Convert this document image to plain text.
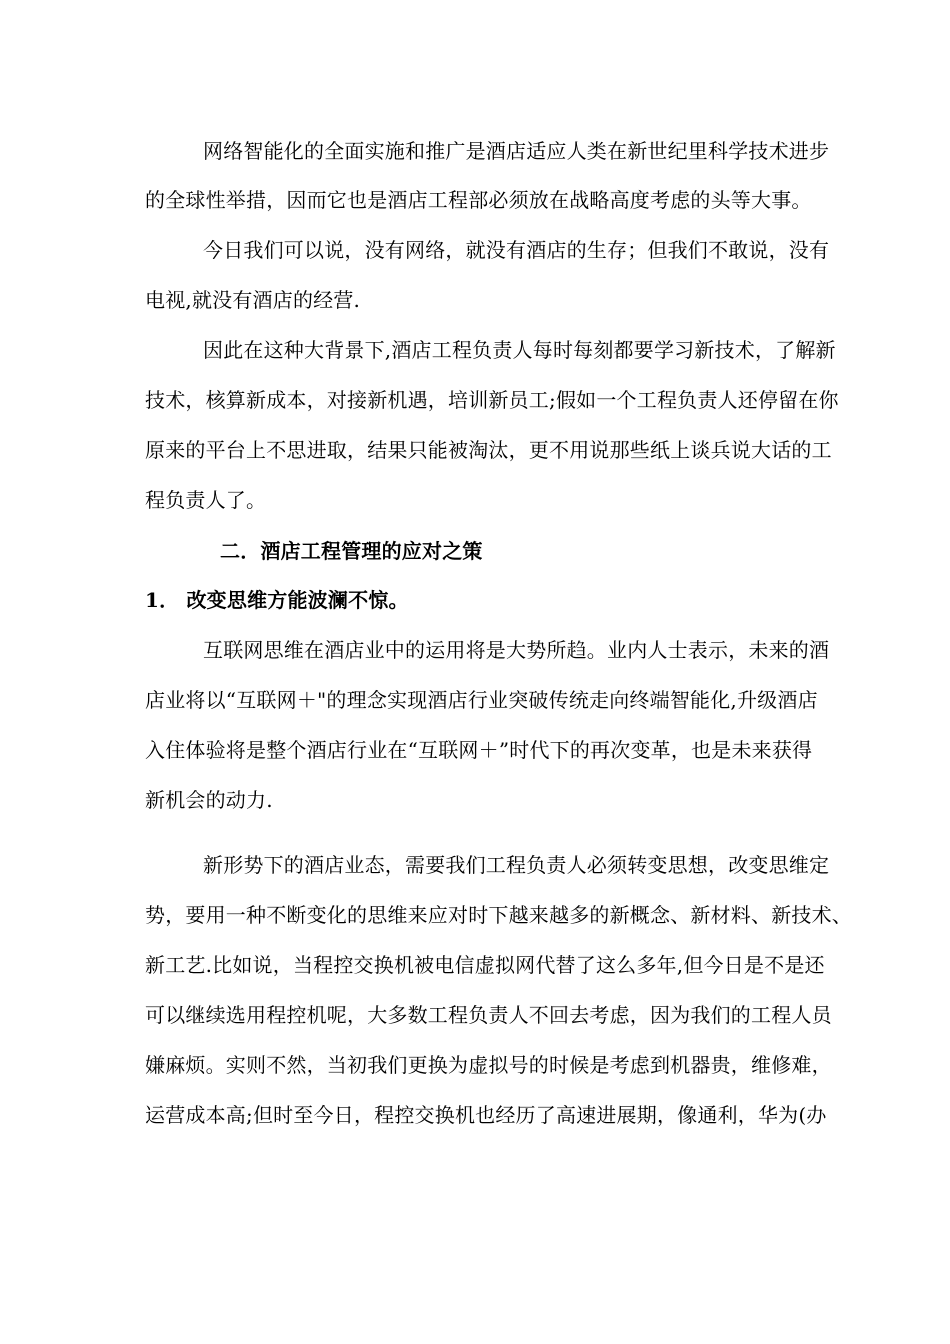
网络智能化的全面实施和推广是酒店适应人类在新世纪里科学技术进步
的全球性举措，因而它也是酒店工程部必须放在战略高度考虑的头等大事。
今日我们可以说，没有网络，就没有酒店的生存；但我们不敢说，没有
电视,就没有酒店的经营.
因此在这种大背景下,酒店工程负责人每时每刻都要学习新技术，了解新
技术，核算新成本，对接新机遇，培训新员工;假如一个工程负责人还停留在你
原来的平台上不思进取，结果只能被淘汰，更不用说那些纸上谈兵说大话的工
程负责人了。
二．酒店工程管理的应对之策
1． 改变思维方能波澜不惊。
互联网思维在酒店业中的运用将是大势所趋。业内人士表示，未来的酒
店业将以“互联网＋"的理念实现酒店行业突破传统走向终端智能化,升级酒店
入住体验将是整个酒店行业在“互联网＋”时代下的再次变革，也是未来获得
新机会的动力.
新形势下的酒店业态，需要我们工程负责人必须转变思想，改变思维定
势，要用一种不断变化的思维来应对时下越来越多的新概念、新材料、新技术、
新工艺.比如说，当程控交换机被电信虚拟网代替了这么多年,但今日是不是还
可以继续选用程控机呢，大多数工程负责人不回去考虑，因为我们的工程人员
嫌麻烦。实则不然，当初我们更换为虚拟号的时候是考虑到机器贵，维修难，
运营成本高;但时至今日，程控交换机也经历了高速进展期，像通利，华为(办
